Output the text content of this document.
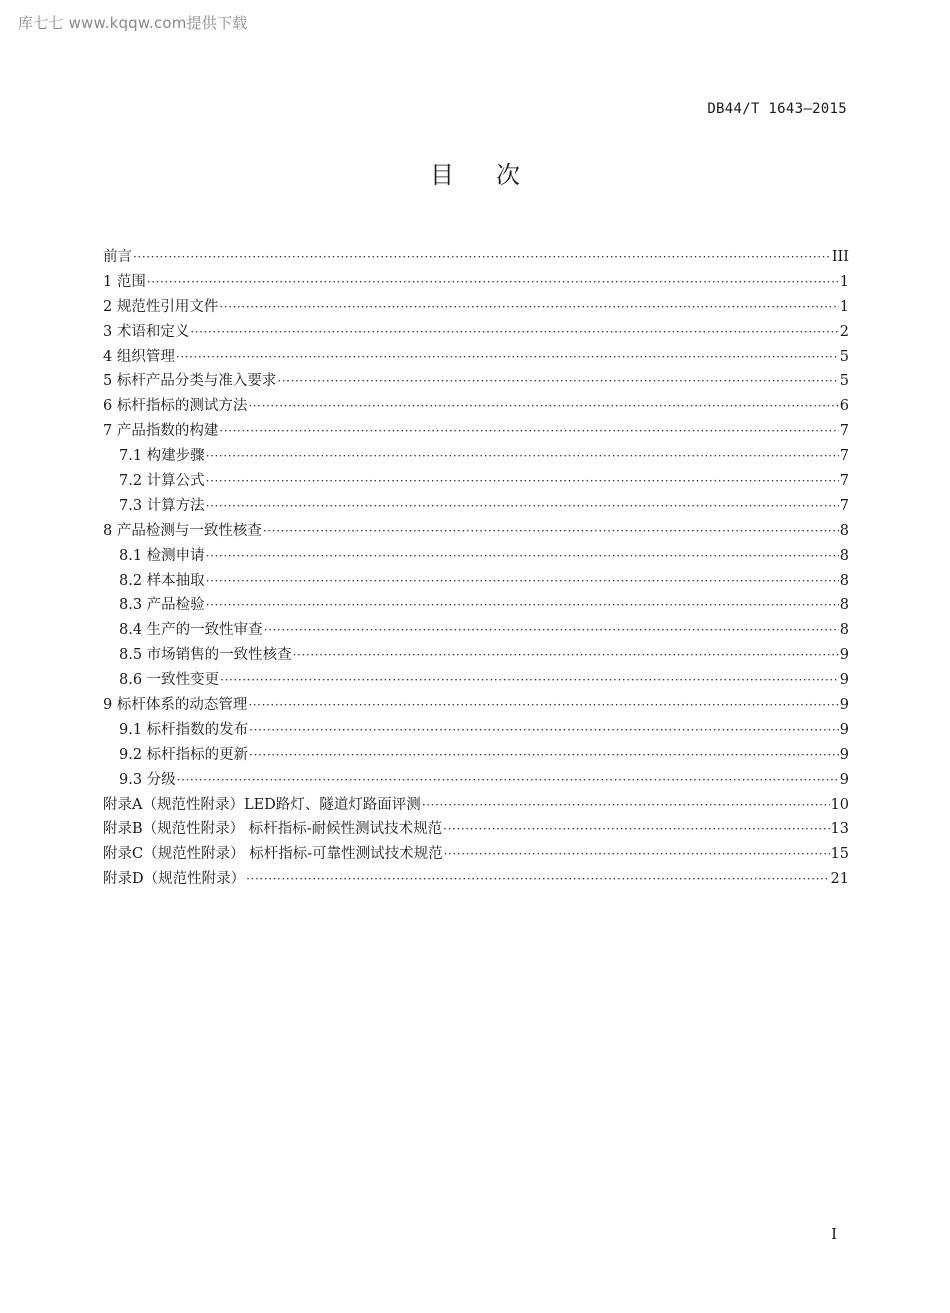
库七七 www.kqqw.com提供下载
DB44/T 1643—2015
目次
前言 ·····	III
1 范围 ·····	1
2 规范性引用文件 ·····	1
3 术语和定义 ·····	2
4 组织管理 ·····	5
5 标杆产品分类与准入要求 ·····	5
6 标杆指标的测试方法 ·····	6
7 产品指数的构建 ·····	7
7.1 构建步骤 ·····	7
7.2 计算公式 ·····	7
7.3 计算方法 ·····	7
8 产品检测与一致性核查 ·····	8
8.1 检测申请 ·····	8
8.2 样本抽取 ·····	8
8.3 产品检验 ·····	8
8.4 生产的一致性审查 ·····	8
8.5 市场销售的一致性核查 ·····	9
8.6 一致性变更 ·····	9
9 标杆体系的动态管理 ·····	9
9.1 标杆指数的发布 ·····	9
9.2 标杆指标的更新 ·····	9
9.3 分级 ·····	9
附录A（规范性附录）LED路灯、隧道灯路面评测 ·····	10
附录B（规范性附录） 标杆指标-耐候性测试技术规范 ·····	13
附录C（规范性附录） 标杆指标-可靠性测试技术规范 ·····	15
附录D（规范性附录） ·····	21
I
